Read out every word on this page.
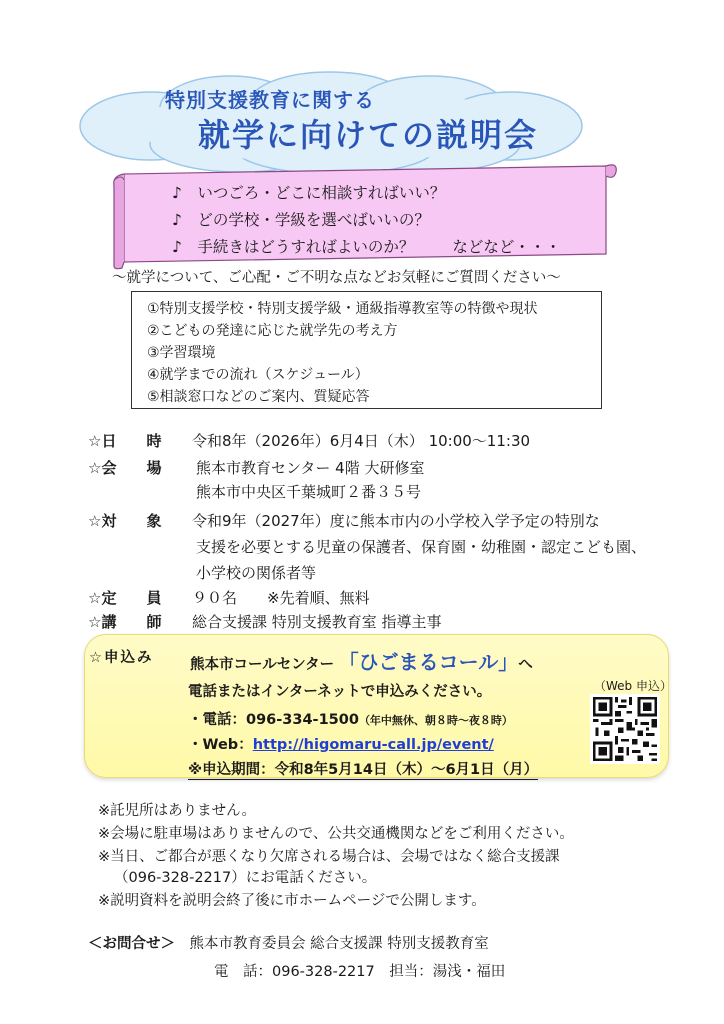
特別支援教育に関する
就学に向けての説明会
♪　いつごろ・どこに相談すればいい？
♪　どの学校・学級を選べばいいの？
♪　手続きはどうすればよいのか？ などなど・・・
～就学について、ご心配・ご不明な点などお気軽にご質問ください～
①特別支援学校・特別支援学級・通級指導教室等の特徴や現状
②こどもの発達に応じた就学先の考え方
③学習環境
④就学までの流れ（スケジュール）
⑤相談窓口などのご案内、質疑応答
☆日　　時 令和8年（2026年）6月4日（木） 10:00～11:30
☆会　　場 熊本市教育センター 4階 大研修室
熊本市中央区千葉城町２番３５号
☆対　　象 令和9年（2027年）度に熊本市内の小学校入学予定の特別な
支援を必要とする児童の保護者、保育園・幼稚園・認定こども園、
小学校の関係者等
☆定　　員 ９０名　　※先着順、無料
☆講　　師 総合支援課 特別支援教育室 指導主事
☆申込み	熊本市コールセンター　 「ひごまるコール」へ
電話またはインターネットで申込みください。
・電話：096-334-1500（年中無休、朝８時～夜８時）
・Web：http://higomaru-call.jp/event/
※申込期間：令和8年5月14日（木）～6月1日（月）
（Web 申込）
※託児所はありません。
※会場に駐車場はありませんので、公共交通機関などをご利用ください。
※当日、ご都合が悪くなり欠席される場合は、会場ではなく総合支援課
（096-328-2217）にお電話ください。
※説明資料を説明会終了後に市ホームページで公開します。
＜お問合せ＞　 熊本市教育委員会 総合支援課 特別支援教育室
電　話：096-328-2217　担当：湯浅・福田
